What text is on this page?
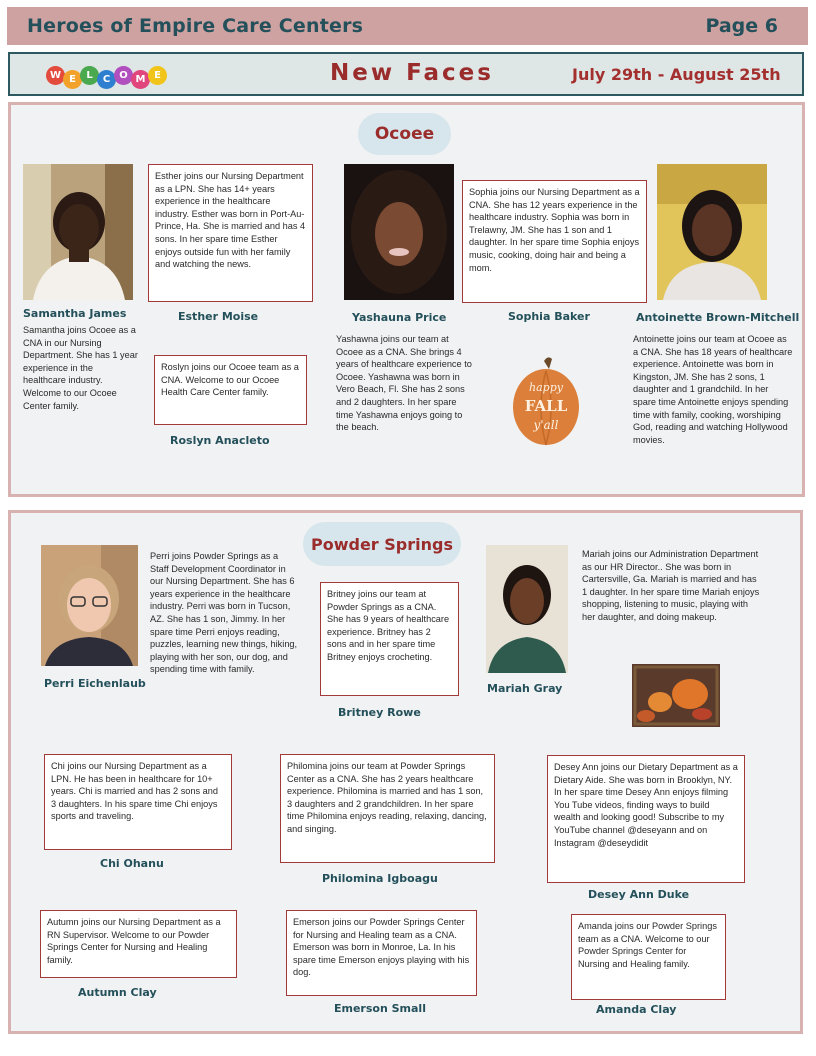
Heroes of Empire Care Centers	Page 6
W E	L	C O M E	New Faces	July 29th - August 25th
Ocoee
Samantha James
Samantha joins Ocoee as a CNA in our Nursing Department. She has 1 year experience in the healthcare industry. Welcome to our Ocoee Center family.
Esther joins our Nursing Department as a LPN. She has 14+ years experience in the healthcare industry. Esther was born in Port-Au-Prince, Ha. She is married and has 4 sons. In her spare time Esther enjoys outside fun with her family and watching the news.
Esther Moise
Roslyn joins our Ocoee team as a CNA. Welcome to our Ocoee Health Care Center family.
Roslyn Anacleto
Yashauna Price
Yashawna joins our team at Ocoee as a CNA. She brings 4 years of healthcare experience to Ocoee. Yashawna was born in Vero Beach, Fl. She has 2 sons and 2 daughters. In her spare time Yashawna enjoys going to the beach.
Sophia joins our Nursing Department as a CNA. She has 12 years experience in the healthcare industry. Sophia was born in Trelawny, JM. She has 1 son and 1 daughter. In her spare time Sophia enjoys music, cooking, doing hair and being a mom.
Sophia Baker
happy
FALL
y'all
Antoinette Brown-Mitchell
Antoinette joins our team at Ocoee as a CNA. She has 18 years of healthcare experience. Antoinette was born in Kingston, JM. She has 2 sons, 1 daughter and 1 grandchild. In her spare time Antoinette enjoys spending time with family, cooking, worshiping God, reading and watching Hollywood movies.
Powder Springs
Perri Eichenlaub
Perri joins Powder Springs as a Staff Development Coordinator in our Nursing Department. She has 6 years experience in the healthcare industry. Perri was born in Tucson, AZ. She has 1 son, Jimmy. In her spare time Perri enjoys reading, puzzles, learning new things, hiking, playing with her son, our dog, and spending time with family.
Britney joins our team at Powder Springs as a CNA. She has 9 years of healthcare experience. Britney has 2 sons and in her spare time Britney enjoys crocheting.
Britney Rowe
Mariah Gray
Mariah joins our Administration Department as our HR Director.. She was born in Cartersville, Ga. Mariah is married and has 1 daughter. In her spare time Mariah enjoys shopping, listening to music, playing with her daughter, and doing makeup.
Chi joins our Nursing Department as a LPN. He has been in healthcare for 10+ years. Chi is married and has 2 sons and 3 daughters. In his spare time Chi enjoys sports and traveling.
Chi Ohanu
Philomina joins our team at Powder Springs Center as a CNA. She has 2 years healthcare experience. Philomina is married and has 1 son, 3 daughters and 2 grandchildren. In her spare time Philomina enjoys reading, relaxing, dancing, and singing.
Philomina Igboagu
Desey Ann joins our Dietary Department as a Dietary Aide. She was born in Brooklyn, NY. In her spare time Desey Ann enjoys filming You Tube videos, finding ways to build wealth and looking good! Subscribe to my YouTube channel @deseyann and on Instagram @deseydidit
Desey Ann Duke
Autumn joins our Nursing Department as a RN Supervisor. Welcome to our Powder Springs Center for Nursing and Healing family.
Autumn Clay
Emerson joins our Powder Springs Center for Nursing and Healing team as a CNA. Emerson was born in Monroe, La. In his spare time Emerson enjoys playing with his dog.
Emerson Small
Amanda joins our Powder Springs team as a CNA. Welcome to our Powder Springs Center for Nursing and Healing family.
Amanda Clay
